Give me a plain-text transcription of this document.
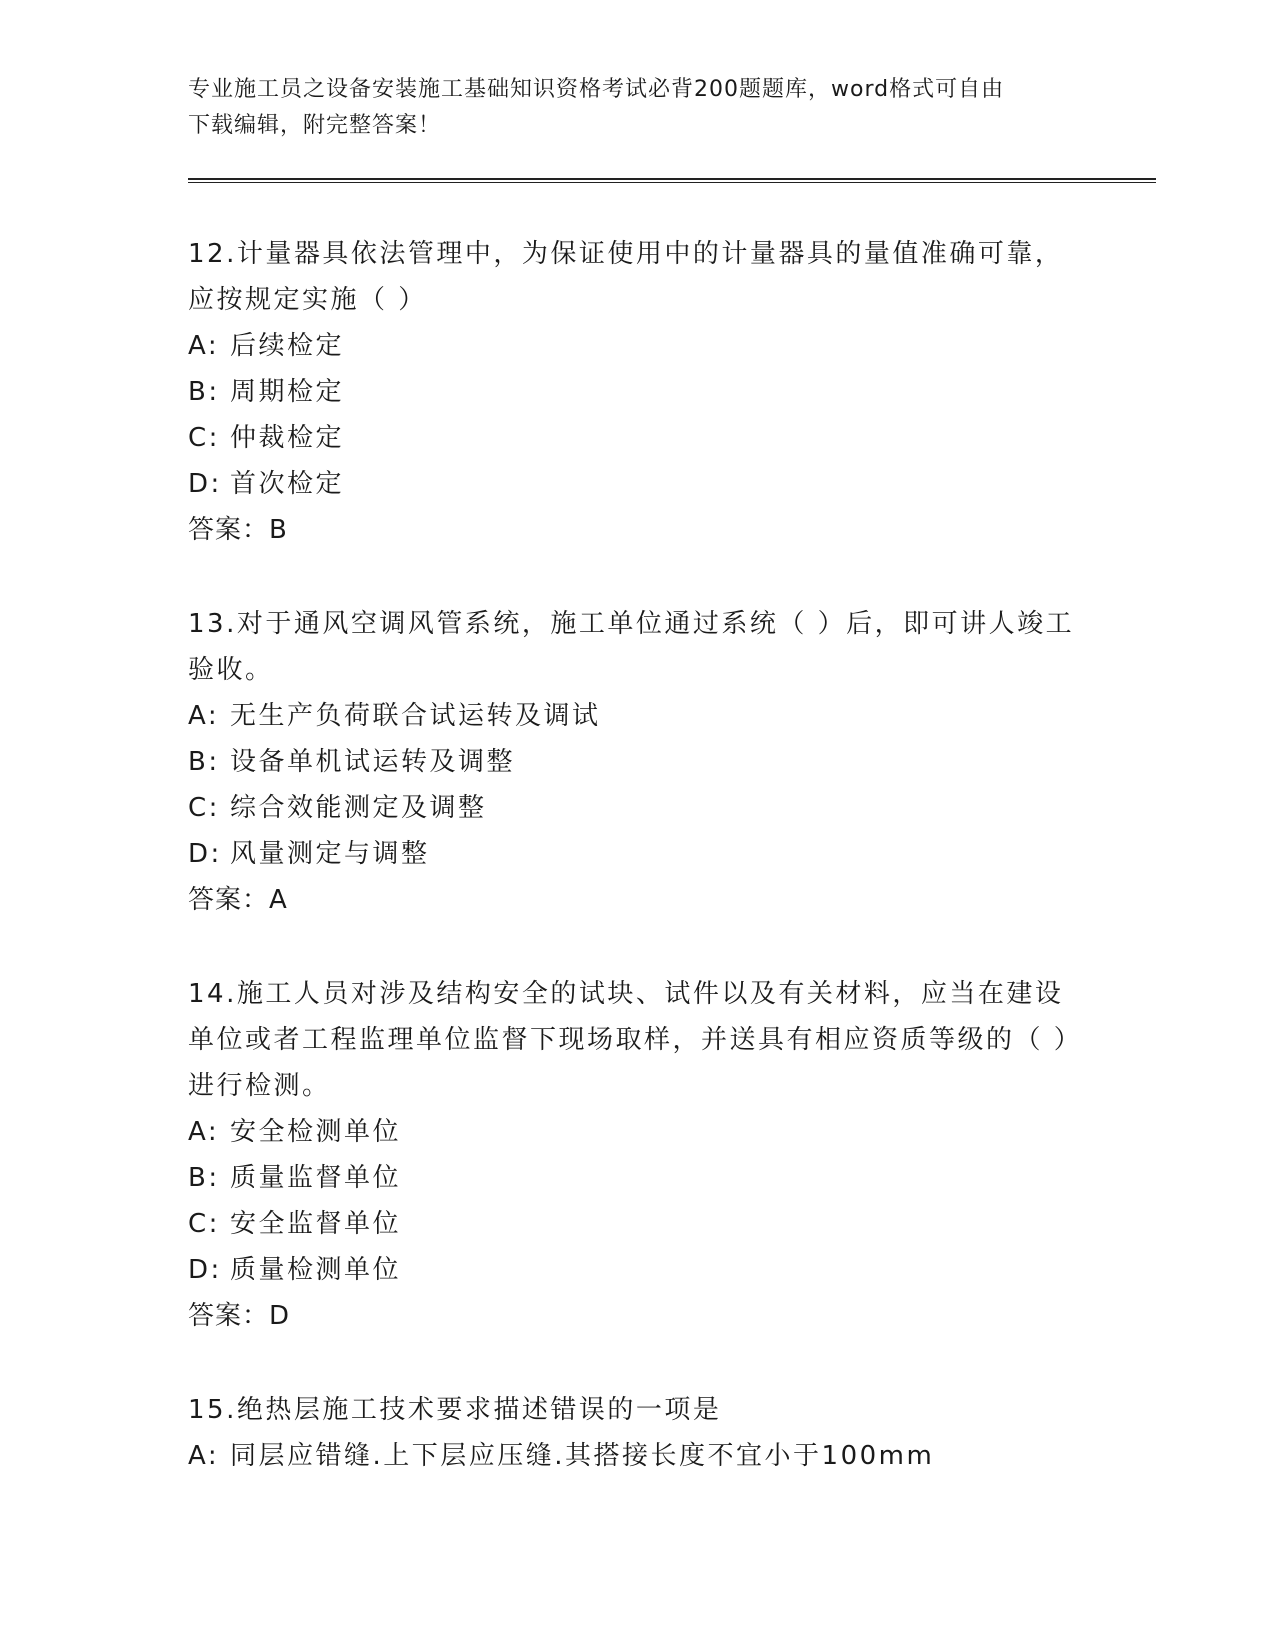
专业施工员之设备安装施工基础知识资格考试必背200题题库，word格式可自由
下载编辑，附完整答案！

12.计量器具依法管理中，为保证使用中的计量器具的量值准确可靠，应按规定实施（ ）

A: 后续检定
B: 周期检定
C: 仲裁检定
D: 首次检定
答案：B

13.对于通风空调风管系统，施工单位通过系统（ ）后，即可讲人竣工验收。

A: 无生产负荷联合试运转及调试
B: 设备单机试运转及调整
C: 综合效能测定及调整
D: 风量测定与调整
答案：A

14.施工人员对涉及结构安全的试块、试件以及有关材料，应当在建设单位或者工程监理单位监督下现场取样，并送具有相应资质等级的（ ）进行检测。

A: 安全检测单位
B: 质量监督单位
C: 安全监督单位
D: 质量检测单位
答案：D

15.绝热层施工技术要求描述错误的一项是

A: 同层应错缝.上下层应压缝.其搭接长度不宜小于100mm
